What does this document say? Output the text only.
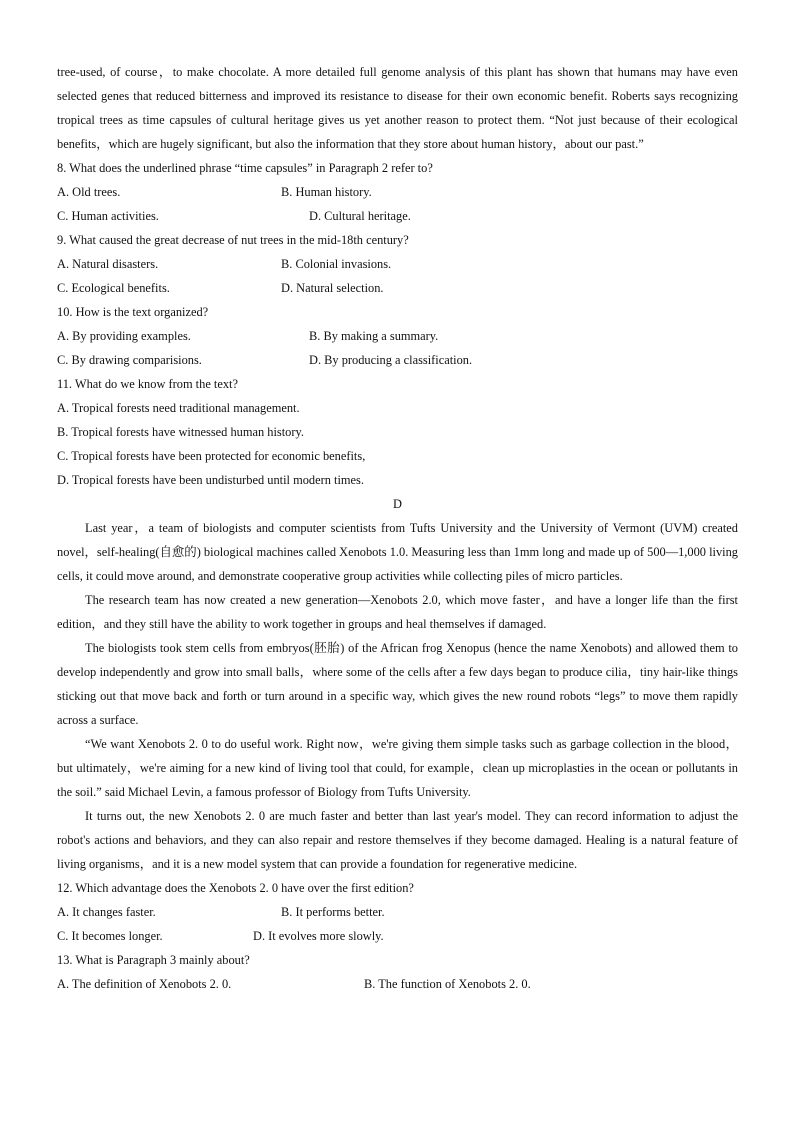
tree-used, of course，to make chocolate. A more detailed full genome analysis of this plant has shown that humans may have even selected genes that reduced bitterness and improved its resistance to disease for their own economic benefit. Roberts says recognizing tropical trees as time capsules of cultural heritage gives us yet another reason to protect them. “Not just because of their ecological benefits，which are hugely significant, but also the information that they store about human history，about our past.”

8. What does the underlined phrase “time capsules” in Paragraph 2 refer to?

A. Old trees.	B. Human history.
C. Human activities.	D. Cultural heritage.

9. What caused the great decrease of nut trees in the mid-18th century?

A. Natural disasters.	B. Colonial invasions.
C. Ecological benefits.	D. Natural selection.

10. How is the text organized?

A. By providing examples.	B. By making a summary.
C. By drawing comparisions.	D. By producing a classification.

11. What do we know from the text?

A. Tropical forests need traditional management.

B. Tropical forests have witnessed human history.

C. Tropical forests have been protected for economic benefits,

D. Tropical forests have been undisturbed until modern times.

D

Last year，a team of biologists and computer scientists from Tufts University and the University of Vermont (UVM) created novel，self-healing(自愈的) biological machines called Xenobots 1.0. Measuring less than 1mm long and made up of 500—1,000 living cells, it could move around, and demonstrate cooperative group activities while collecting piles of micro particles.

The research team has now created a new generation—Xenobots 2.0, which move faster，and have a longer life than the first edition，and they still have the ability to work together in groups and heal themselves if damaged.

The biologists took stem cells from embryos(胚胎) of the African frog Xenopus (hence the name Xenobots) and allowed them to develop independently and grow into small balls，where some of the cells after a few days began to produce cilia，tiny hair-like things sticking out that move back and forth or turn around in a specific way, which gives the new round robots “legs” to move them rapidly across a surface.

“We want Xenobots 2. 0 to do useful work. Right now，we're giving them simple tasks such as garbage collection in the blood，but ultimately，we're aiming for a new kind of living tool that could, for example，clean up microplasties in the ocean or pollutants in the soil.” said Michael Levin, a famous professor of Biology from Tufts University.

It turns out, the new Xenobots 2. 0 are much faster and better than last year's model. They can record information to adjust the robot's actions and behaviors, and they can also repair and restore themselves if they become damaged. Healing is a natural feature of living organisms，and it is a new model system that can provide a foundation for regenerative medicine.

12. Which advantage does the Xenobots 2. 0 have over the first edition?

A. It changes faster.	B. It performs better.
C. It becomes longer.	D. It evolves more slowly.

13. What is Paragraph 3 mainly about?

A. The definition of Xenobots 2. 0.	B. The function of Xenobots 2. 0.
